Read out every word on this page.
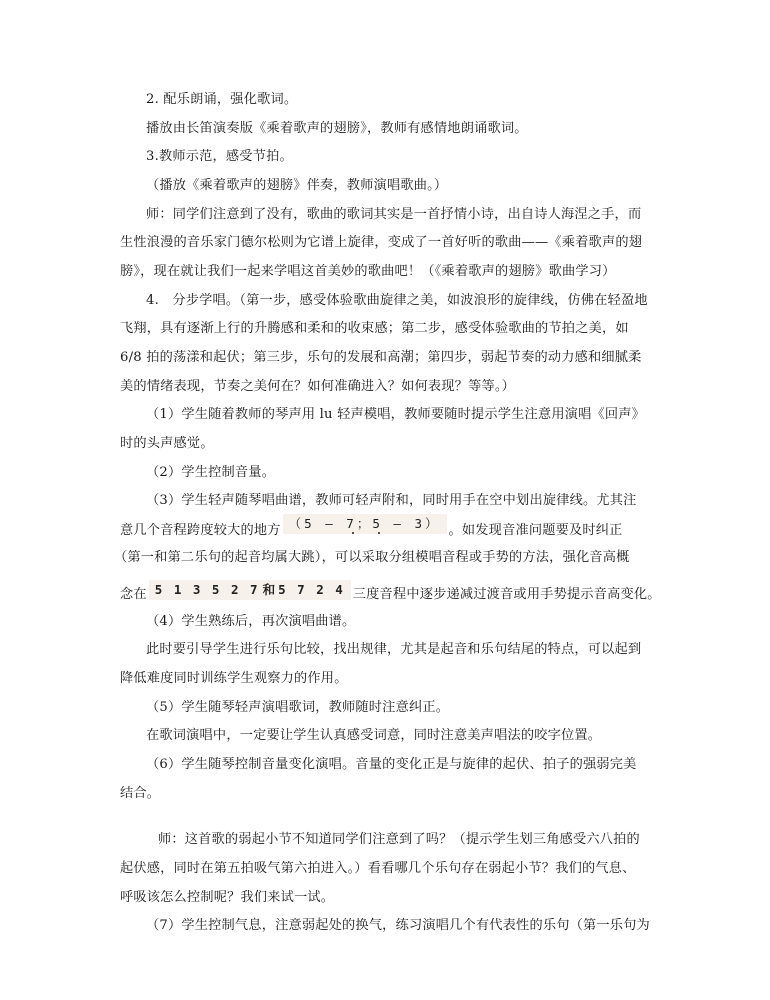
2. 配乐朗诵，强化歌词。
播放由长笛演奏版《乘着歌声的翅膀》，教师有感情地朗诵歌词。
3.教师示范，感受节拍。
（播放《乘着歌声的翅膀》伴奏，教师演唱歌曲。）
师：同学们注意到了没有，歌曲的歌词其实是一首抒情小诗，出自诗人海涅之手，而
生性浪漫的音乐家门德尔松则为它谱上旋律，变成了一首好听的歌曲——《乘着歌声的翅
膀》，现在就让我们一起来学唱这首美妙的歌曲吧！（《乘着歌声的翅膀》歌曲学习）
4.　分步学唱。（第一步，感受体验歌曲旋律之美，如波浪形的旋律线，仿佛在轻盈地
飞翔，具有逐渐上行的升腾感和柔和的收束感；第二步，感受体验歌曲的节拍之美，如
6/8 拍的荡漾和起伏；第三步，乐句的发展和高潮；第四步，弱起节奏的动力感和细腻柔
美的情绪表现，节奏之美何在？如何准确进入？如何表现？等等。）
（1）学生随着教师的琴声用 lu 轻声模唱，教师要随时提示学生注意用演唱《回声》
时的头声感觉。
（2）学生控制音量。
（3）学生轻声随琴唱曲谱，教师可轻声附和，同时用手在空中划出旋律线。尤其注
意几个音程跨度较大的地方 （5 — 7；5 — 3） 。如发现音准问题要及时纠正
（第一和第二乐句的起音均属大跳），可以采取分组模唱音程或手势的方法，强化音高概
念在 5 1 3 5 2 7 和 5 7 2 4 三度音程中逐步递减过渡音或用手势提示音高变化。
（4）学生熟练后，再次演唱曲谱。
此时要引导学生进行乐句比较，找出规律，尤其是起音和乐句结尾的特点，可以起到
降低难度同时训练学生观察力的作用。
（5）学生随琴轻声演唱歌词，教师随时注意纠正。
在歌词演唱中，一定要让学生认真感受词意，同时注意美声唱法的咬字位置。
（6）学生随琴控制音量变化演唱。音量的变化正是与旋律的起伏、拍子的强弱完美
结合。
师：这首歌的弱起小节不知道同学们注意到了吗？（提示学生划三角感受六八拍的
起伏感，同时在第五拍吸气第六拍进入。）看看哪几个乐句存在弱起小节？我们的气息、
呼吸该怎么控制呢？我们来试一试。
（7）学生控制气息，注意弱起处的换气，练习演唱几个有代表性的乐句（第一乐句为
